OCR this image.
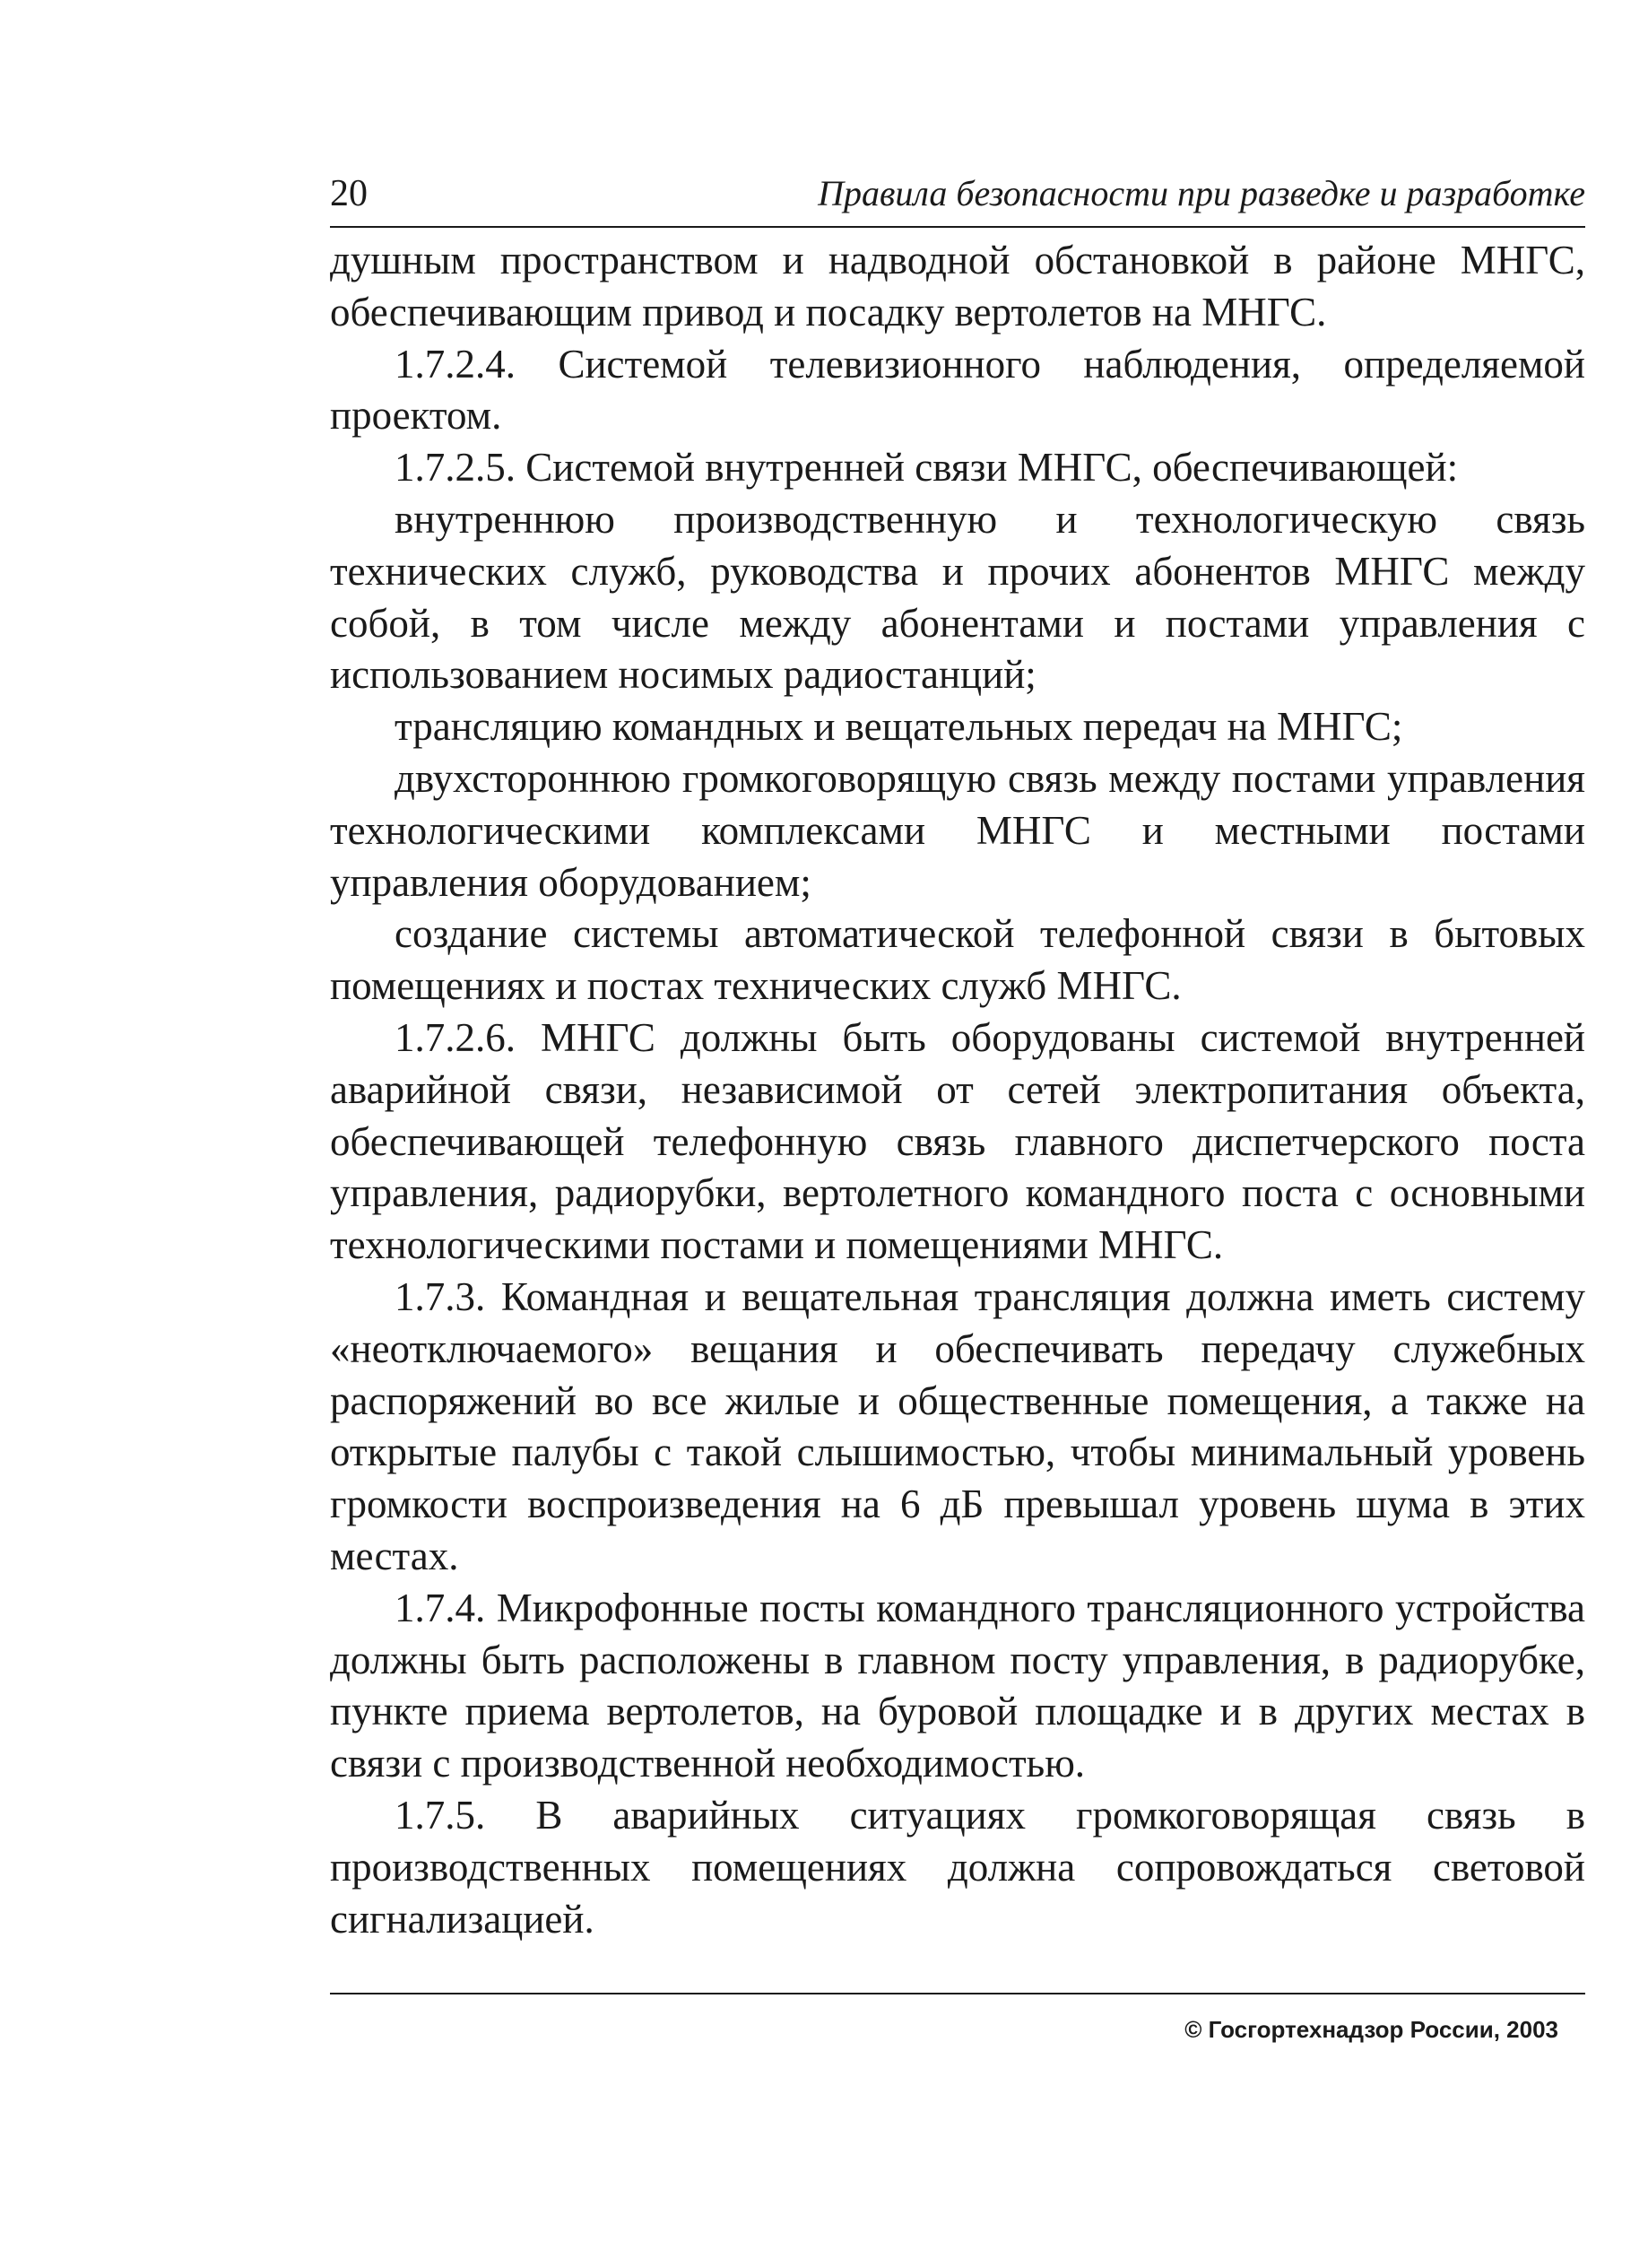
20	Правила безопасности при разведке и разработке

душным пространством и надводной обстановкой в районе МНГС, обеспечивающим привод и посадку вертолетов на МНГС.

1.7.2.4. Системой телевизионного наблюдения, определяемой проектом.

1.7.2.5. Системой внутренней связи МНГС, обеспечивающей:

внутреннюю производственную и технологическую связь технических служб, руководства и прочих абонентов МНГС между собой, в том числе между абонентами и постами управления с использованием носимых радиостанций;

трансляцию командных и вещательных передач на МНГС;

двухстороннюю громкоговорящую связь между постами управления технологическими комплексами МНГС и местными постами управления оборудованием;

создание системы автоматической телефонной связи в бытовых помещениях и постах технических служб МНГС.

1.7.2.6. МНГС должны быть оборудованы системой внутренней аварийной связи, независимой от сетей электропитания объекта, обеспечивающей телефонную связь главного диспетчерского поста управления, радиорубки, вертолетного командного поста с основными технологическими постами и помещениями МНГС.

1.7.3. Командная и вещательная трансляция должна иметь систему «неотключаемого» вещания и обеспечивать передачу служебных распоряжений во все жилые и общественные помещения, а также на открытые палубы с такой слышимостью, чтобы минимальный уровень громкости воспроизведения на 6 дБ превышал уровень шума в этих местах.

1.7.4. Микрофонные посты командного трансляционного устройства должны быть расположены в главном посту управления, в радиорубке, пункте приема вертолетов, на буровой площадке и в других местах в связи с производственной необходимостью.

1.7.5. В аварийных ситуациях громкоговорящая связь в производственных помещениях должна сопровождаться световой сигнализацией.

© Госгортехнадзор России, 2003
